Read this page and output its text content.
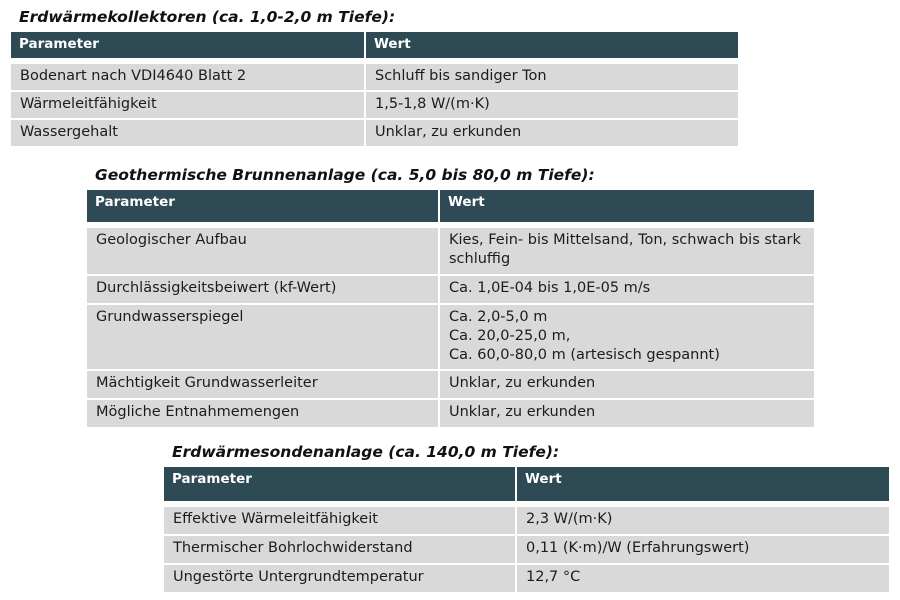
Erdwärmekollektoren (ca. 1,0-2,0 m Tiefe):
Parameter	Wert
Bodenart nach VDI4640 Blatt 2	Schluff bis sandiger Ton
Wärmeleitfähigkeit	1,5-1,8 W/(m·K)
Wassergehalt	Unklar, zu erkunden
Geothermische Brunnenanlage (ca. 5,0 bis 80,0 m Tiefe):
Parameter	Wert
Geologischer Aufbau	Kies, Fein- bis Mittelsand, Ton, schwach bis stark schluffig
Durchlässigkeitsbeiwert (kf-Wert)	Ca. 1,0E-04 bis 1,0E-05 m/s
Grundwasserspiegel	Ca. 2,0-5,0 m
Ca. 20,0-25,0 m,
Ca. 60,0-80,0 m (artesisch gespannt)
Mächtigkeit Grundwasserleiter	Unklar, zu erkunden
Mögliche Entnahmemengen	Unklar, zu erkunden
Erdwärmesondenanlage (ca. 140,0 m Tiefe):
Parameter	Wert
Effektive Wärmeleitfähigkeit	2,3 W/(m·K)
Thermischer Bohrlochwiderstand	0,11 (K·m)/W (Erfahrungswert)
Ungestörte Untergrundtemperatur	12,7 °C
